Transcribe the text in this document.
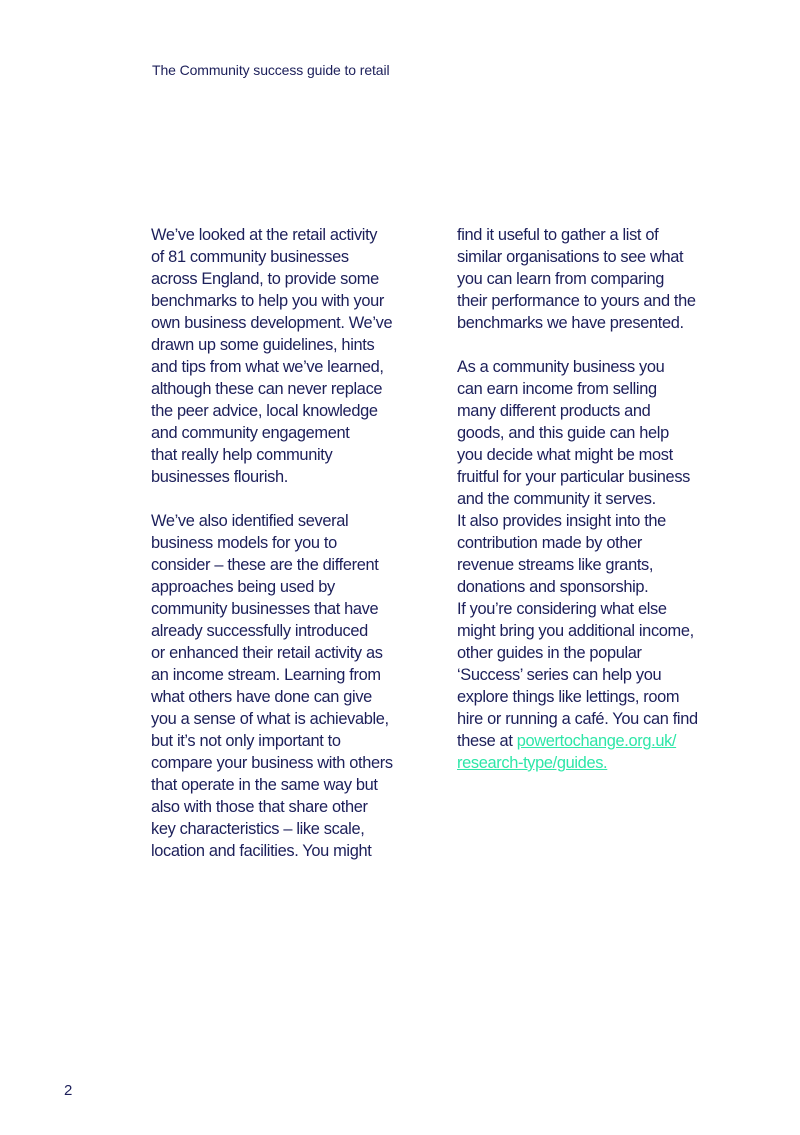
The Community success guide to retail
We’ve looked at the retail activity
of 81 community businesses
across England, to provide some
benchmarks to help you with your
own business development. We’ve
drawn up some guidelines, hints
and tips from what we’ve learned,
although these can never replace
the peer advice, local knowledge
and community engagement
that really help community
businesses flourish.
We’ve also identified several
business models for you to
consider – these are the different
approaches being used by
community businesses that have
already successfully introduced
or enhanced their retail activity as
an income stream. Learning from
what others have done can give
you a sense of what is achievable,
but it’s not only important to
compare your business with others
that operate in the same way but
also with those that share other
key characteristics – like scale,
location and facilities. You might
find it useful to gather a list of
similar organisations to see what
you can learn from comparing
their performance to yours and the
benchmarks we have presented.
As a community business you
can earn income from selling
many different products and
goods, and this guide can help
you decide what might be most
fruitful for your particular business
and the community it serves.
It also provides insight into the
contribution made by other
revenue streams like grants,
donations and sponsorship.
If you’re considering what else
might bring you additional income,
other guides in the popular
‘Success’ series can help you
explore things like lettings, room
hire or running a café. You can find
these at powertochange.org.uk/
research-type/guides.
2
